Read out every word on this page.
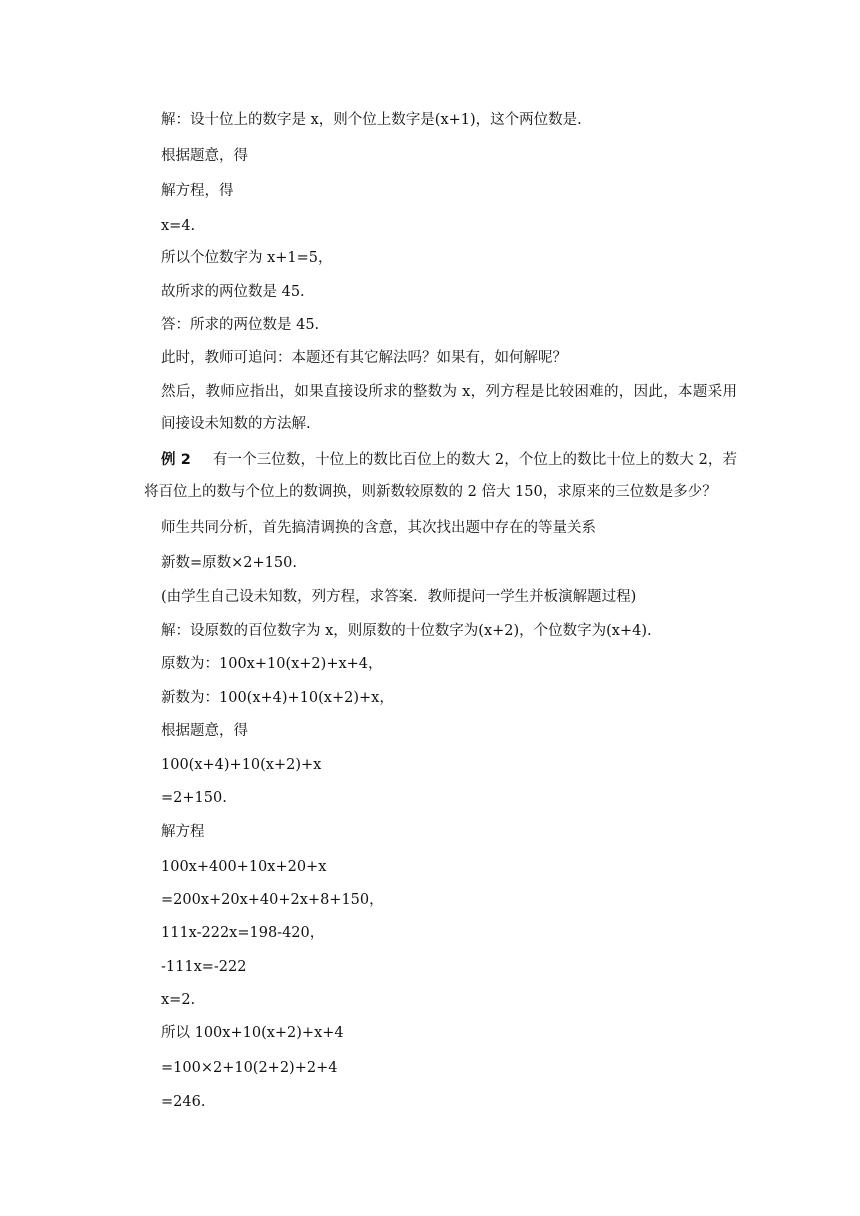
解：设十位上的数字是 x，则个位上数字是(x+1)，这个两位数是.
根据题意，得
解方程，得
x=4.
所以个位数字为 x+1=5，
故所求的两位数是 45.
答：所求的两位数是 45.
此时，教师可追问：本题还有其它解法吗？如果有，如何解呢？
然后，教师应指出，如果直接设所求的整数为 x，列方程是比较困难的，因此，本题采用间接设未知数的方法解.
例 2 有一个三位数，十位上的数比百位上的数大 2，个位上的数比十位上的数大 2，若将百位上的数与个位上的数调换，则新数较原数的 2 倍大 150，求原来的三位数是多少？
师生共同分析，首先搞清调换的含意，其次找出题中存在的等量关系
新数=原数×2+150.
(由学生自己设未知数，列方程，求答案．教师提问一学生并板演解题过程)
解：设原数的百位数字为 x，则原数的十位数字为(x+2)，个位数字为(x+4).
原数为：100x+10(x+2)+x+4，
新数为：100(x+4)+10(x+2)+x，
根据题意，得
100(x+4)+10(x+2)+x
=2+150.
解方程
100x+400+10x+20+x
=200x+20x+40+2x+8+150，
111x-222x=198-420，
-111x=-222
x=2.
所以 100x+10(x+2)+x+4
=100×2+10(2+2)+2+4
=246.
